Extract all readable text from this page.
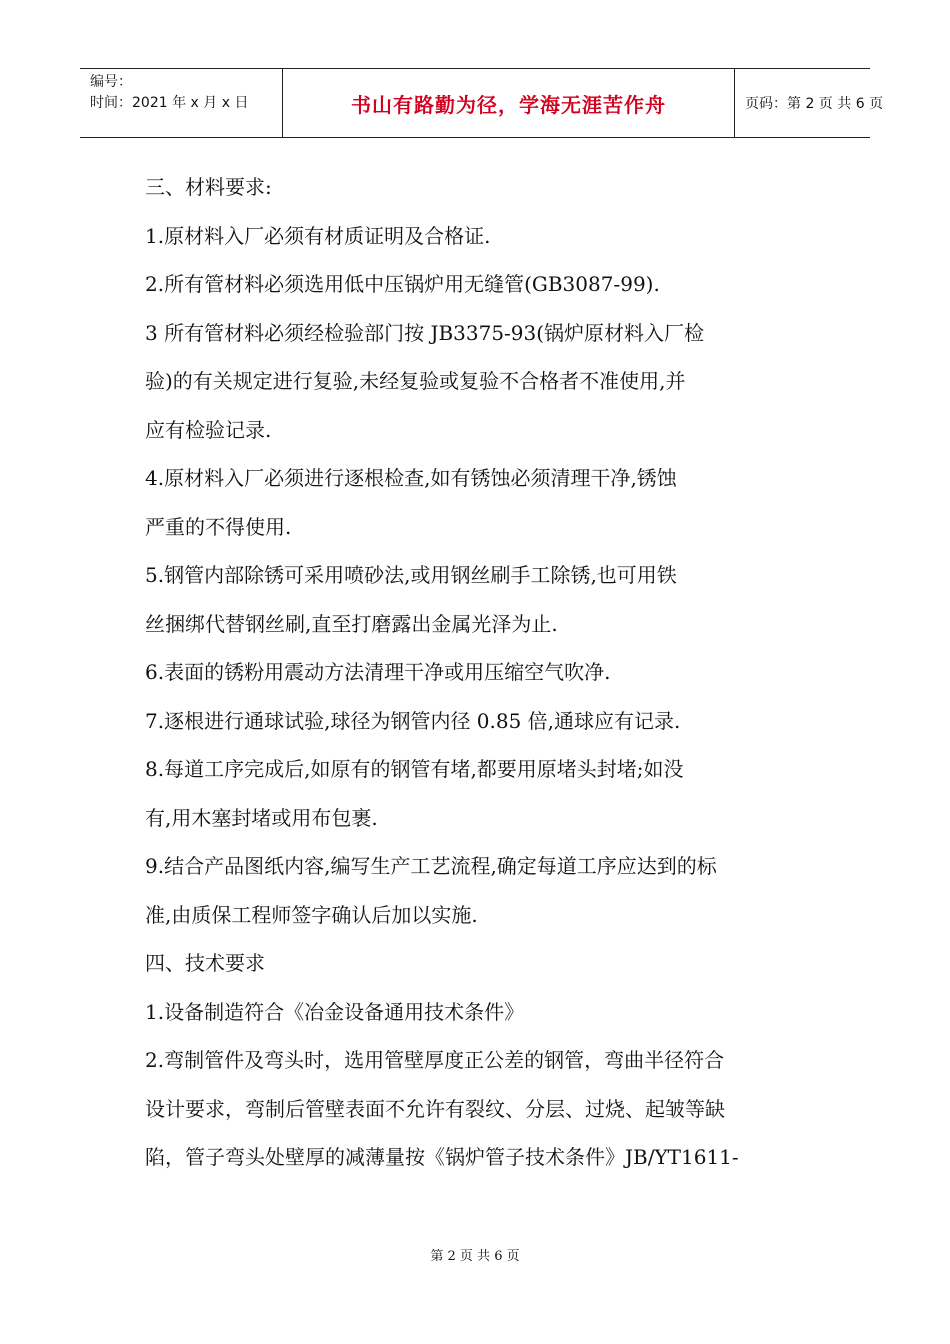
编号：
时间：2021 年 x 月 x 日	书山有路勤为径，学海无涯苦作舟	页码：第 2 页 共 6 页
三、材料要求:
1.原材料入厂必须有材质证明及合格证.
2.所有管材料必须选用低中压锅炉用无缝管(GB3087-99).
3 所有管材料必须经检验部门按 JB3375-93(锅炉原材料入厂检
验)的有关规定进行复验,未经复验或复验不合格者不准使用,并
应有检验记录.
4.原材料入厂必须进行逐根检查,如有锈蚀必须清理干净,锈蚀
严重的不得使用.
5.钢管内部除锈可采用喷砂法,或用钢丝刷手工除锈,也可用铁
丝捆绑代替钢丝刷,直至打磨露出金属光泽为止.
6.表面的锈粉用震动方法清理干净或用压缩空气吹净.
7.逐根进行通球试验,球径为钢管内径 0.85 倍,通球应有记录.
8.每道工序完成后,如原有的钢管有堵,都要用原堵头封堵;如没
有,用木塞封堵或用布包裹.
9.结合产品图纸内容,编写生产工艺流程,确定每道工序应达到的标
准,由质保工程师签字确认后加以实施.
四、技术要求
1.设备制造符合《冶金设备通用技术条件》
2.弯制管件及弯头时，选用管壁厚度正公差的钢管，弯曲半径符合
设计要求，弯制后管壁表面不允许有裂纹、分层、过烧、起皱等缺
陷，管子弯头处壁厚的减薄量按《锅炉管子技术条件》JB/YT1611-
第 2 页 共 6 页
